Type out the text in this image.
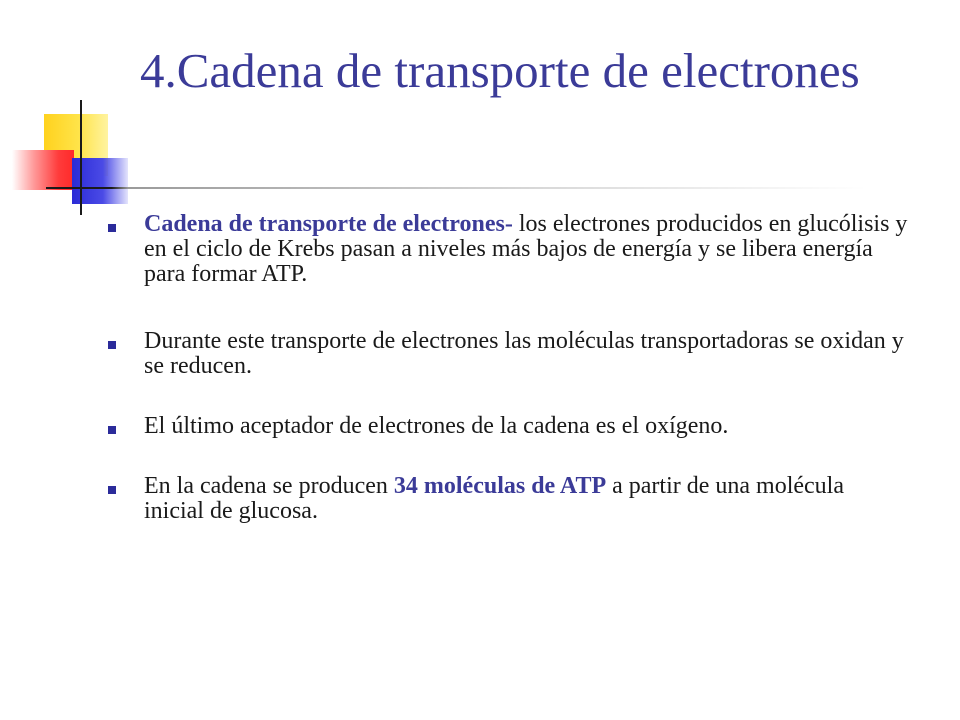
4.Cadena de transporte de electrones
Cadena de transporte de electrones- los electrones producidos en glucólisis y en el ciclo de Krebs pasan a niveles más bajos de energía y se libera energía para formar ATP.
Durante este transporte de electrones las moléculas transportadoras se oxidan y se reducen.
El último aceptador de electrones de la cadena es el oxígeno.
En la cadena se producen 34 moléculas de ATP a partir de una molécula inicial de glucosa.
